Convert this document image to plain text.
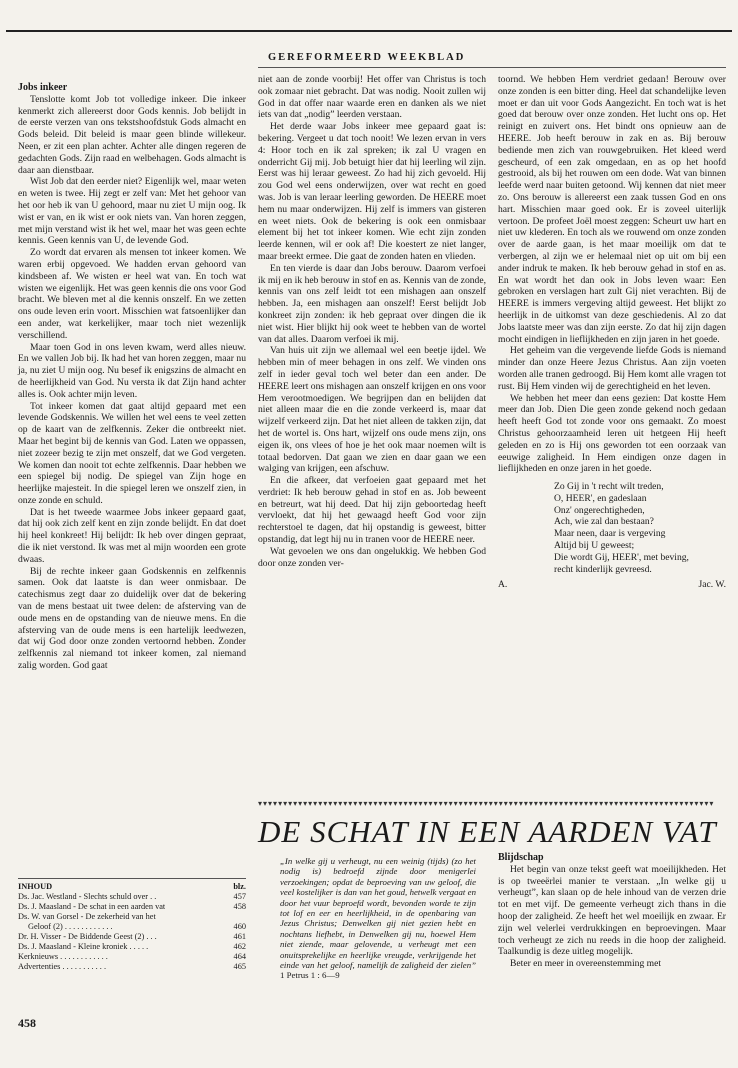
GEREFORMEERD WEEKBLAD
Jobs inkeer

Tenslotte komt Job tot volledige inkeer. Die inkeer kenmerkt zich allereerst door Gods kennis. Job belijdt in de eerste verzen van ons tekstshoofdstuk Gods almacht en Gods beleid. Dit beleid is maar geen blinde willekeur. Neen, er zit een plan achter. Achter alle dingen regeren de gedachten Gods. Zijn raad en welbehagen. Gods almacht is daar aan dienstbaar.

Wist Job dat den eerder niet? Eigenlijk wel, maar weten en weten is twee. Hij zegt er zelf van: Met het gehoor van het oor heb ik van U gehoord, maar nu ziet U mijn oog. Ik wist er van, en ik wist er ook niets van. Van horen zeggen, met mijn verstand wist ik het wel, maar het was geen echte kennis. Geen kennis van U, de levende God.

Zo wordt dat ervaren als mensen tot inkeer komen. We waren erbij opgevoed. We hadden ervan gehoord van kindsbeen af. We wisten er heel wat van. En toch wat wisten we eigenlijk. Het was geen kennis die ons voor God bracht. We bleven met al die kennis onszelf. En we zetten ons oude leven erin voort. Misschien wat fatsoenlijker dan een ander, wat kerkelijker, maar toch niet wezenlijk verschillend.

Maar toen God in ons leven kwam, werd alles nieuw. En we vallen Job bij. Ik had het van horen zeggen, maar nu ja, nu ziet U mijn oog. Nu besef ik enigszins de almacht en de heerlijkheid van God. Nu versta ik dat Zijn hand achter alles is. Ook achter mijn leven.

Tot inkeer komen dat gaat altijd gepaard met een levende Godskennis. We willen het wel eens te veel zetten op de kaart van de zelfkennis. Zeker die ontbreekt niet. Maar het begint bij de kennis van God. Laten we oppassen, niet zozeer bezig te zijn met onszelf, dat we God vergeten. We komen dan nooit tot echte zelfkennis. Daar hebben we een spiegel bij nodig. De spiegel van Zijn hoge en heerlijke majesteit. In die spiegel leren we onszelf zien, in onze zonde en schuld.

Dat is het tweede waarmee Jobs inkeer gepaard gaat, dat hij ook zich zelf kent en zijn zonde belijdt. En dat doet hij heel konkreet! Hij belijdt: Ik heb over dingen gepraat, die ik niet verstond. Ik was met al mijn woorden een grote dwaas.

Bij de rechte inkeer gaan Godskennis en zelfkennis samen. Ook dat laatste is dan weer onmisbaar. De catechismus zegt daar zo duidelijk over dat de bekering van de mens bestaat uit twee delen: de afsterving van de oude mens en de opstanding van de nieuwe mens. En die afsterving van de oude mens is een hartelijk leedwezen, dat wij God door onze zonden vertoornd hebben. Zonder zelfkennis zal niemand tot inkeer komen, zal niemand zalig worden. God gaat

niet aan de zonde voorbij! Het offer van Christus is toch ook zomaar niet gebracht. Dat was nodig. Nooit zullen wij God in dat offer naar waarde eren en danken als we niet iets van dat „nodig” leerden verstaan.

Het derde waar Jobs inkeer mee gepaard gaat is: bekering. Vergeet u dat toch nooit! We lezen ervan in vers 4: Hoor toch en ik zal spreken; ik zal U vragen en onderricht Gij mij. Job betuigt hier dat hij leerling wil zijn. Eerst was hij leraar geweest. Zo had hij zich gevoeld. Hij zou God wel eens onderwijzen, over wat recht en goed was. Job is van leraar leerling geworden. De HEERE moet hem nu maar onderwijzen. Hij zelf is immers van gisteren en weet niets. Ook de bekering is ook een onmisbaar element bij het tot inkeer komen. Wie echt zijn zonden leerde kennen, wil er ook af! Die koestert ze niet langer, maar breekt ermee. Die gaat de zonden haten en vlieden.

En ten vierde is daar dan Jobs berouw. Daarom verfoei ik mij en ik heb berouw in stof en as. Kennis van de zonde, kennis van ons zelf leidt tot een mishagen aan onszelf hebben. Ja, een mishagen aan onszelf! Eerst belijdt Job konkreet zijn zonden: ik heb gepraat over dingen die ik niet wist. Hier blijkt hij ook weet te hebben van de wortel van dat alles. Daarom verfoei ik mij.

Van huis uit zijn we allemaal wel een beetje ijdel. We hebben min of meer behagen in ons zelf. We vinden ons zelf in ieder geval toch wel beter dan een ander. De HEERE leert ons mishagen aan onszelf krijgen en ons voor Hem verootmoedigen. We begrijpen dan en belijden dat niet alleen maar die en die zonde verkeerd is, maar dat wijzelf verkeerd zijn. Dat het niet alleen de takken zijn, dat het de wortel is. Ons hart, wijzelf ons oude mens zijn, ons eigen ik, ons vlees of hoe je het ook maar noemen wilt is totaal bedorven. Dat gaan we zien en daar gaan we een walging van krijgen, een afschuw.

En die afkeer, dat verfoeien gaat gepaard met het verdriet: Ik heb berouw gehad in stof en as. Job beweent en betreurt, wat hij deed. Dat hij zijn geboortedag heeft vervloekt, dat hij het gewaagd heeft God voor zijn rechterstoel te dagen, dat hij opstandig is geweest, bitter opstandig, dat legt hij nu in tranen voor de HEERE neer.

Wat gevoelen we ons dan ongelukkig. We hebben God door onze zonden ver-

toornd. We hebben Hem verdriet gedaan! Berouw over onze zonden is een bitter ding. Heel dat schandelijke leven moet er dan uit voor Gods Aangezicht. En toch wat is het goed dat berouw over onze zonden. Het lucht ons op. Het reinigt en zuivert ons. Het bindt ons opnieuw aan de HEERE. Job heeft berouw in zak en as. Bij berouw bediende men zich van rouwgebruiken. Het kleed werd gescheurd, of een zak omgedaan, en as op het hoofd gestrooid, als bij het rouwen om een dode. Wat van binnen leefde werd naar buiten getoond. Wij kennen dat niet meer zo. Ons berouw is allereerst een zaak tussen God en ons hart. Misschien maar goed ook. Er is zoveel uiterlijk vertoon. De profeet Joël moest zeggen: Scheurt uw hart en niet uw klederen. En toch als we rouwend om onze zonden over de aarde gaan, is het maar moeilijk om dat te verbergen, al zijn we er helemaal niet op uit om bij een ander indruk te maken. Ik heb berouw gehad in stof en as. En wat wordt het dan ook in Jobs leven waar: Een gebroken en verslagen hart zult Gij niet verachten. Bij de HEERE is immers vergeving altijd geweest. Het blijkt zo heerlijk in de uitkomst van deze geschiedenis. Al zo dat Jobs laatste meer was dan zijn eerste. Zo dat hij zijn dagen mocht eindigen in lieflijkheden en zijn jaren in het goede.

Het geheim van die vergevende liefde Gods is niemand minder dan onze Heere Jezus Christus. Aan zijn voeten worden alle tranen gedroogd. Bij Hem komt alle vragen tot rust. Bij Hem vinden wij de gerechtigheid en het leven.

We hebben het meer dan eens gezien: Dat kostte Hem meer dan Job. Dien Die geen zonde gekend noch gedaan heeft heeft God tot zonde voor ons gemaakt. Zo moest Christus gehoorzaamheid leren uit hetgeen Hij heeft geleden en zo is Hij ons geworden tot een oorzaak van eeuwige zaligheid. In Hem eindigen onze dagen in lieflijkheden en onze jaren in het goede.

Zo Gij in 't recht wilt treden,
O, HEER', en gadeslaan
Onz' ongerechtigheden,
Ach, wie zal dan bestaan?
Maar neen, daar is vergeving
Altijd bij U geweest;
Die wordt Gij, HEER', met beving,
recht kinderlijk gevreesd.
A.	Jac. W.
▾▾▾▾▾▾▾▾▾▾▾▾▾▾▾▾▾▾▾▾▾▾▾▾▾▾▾▾▾▾▾▾▾▾▾▾▾▾▾▾▾▾▾▾▾▾▾▾▾▾▾▾▾▾▾▾▾▾▾▾▾▾▾▾▾▾▾▾▾▾▾▾▾▾▾▾▾▾▾▾▾▾▾▾▾▾▾▾▾▾▾
DE SCHAT IN EEN AARDEN VAT
„In welke gij u verheugt, nu een weinig (tijds) (zo het nodig is) bedroefd zijnde door menigerlei verzoekingen; opdat de beproeving van uw geloof, die veel kostelijker is dan van het goud, hetwelk vergaat en door het vuur beproefd wordt, bevonden worde te zijn tot lof en eer en heerlijkheid, in de openbaring van Jezus Christus; Denwelken gij niet gezien hebt en nochtans liefhebt, in Denwelken gij nu, hoewel Hem niet ziende, maar gelovende, u verheugt met een onuitsprekelijke en heerlijke vreugde, verkrijgende het einde van het geloof, namelijk de zaligheid der zielen” 1 Petrus 1 : 6—9
Blijdschap

Het begin van onze tekst geeft wat moeilijkheden. Het is op tweeërlei manier te verstaan. „In welke gij u verheugt”, kan slaan op de hele inhoud van de verzen drie tot en met vijf. De gemeente verheugt zich thans in die hoop der zaligheid. Ze heeft het wel moeilijk en zwaar. Er zijn wel velerlei verdrukkingen en beproevingen. Maar toch verheugt ze zich nu reeds in die hoop der zaligheid. Taalkundig is deze uitleg mogelijk.

Beter en meer in overeenstemming met

INHOUD	blz.
Ds. Jac. Westland - Slechts schuld over . .	457
Ds. J. Maasland - De schat in een aarden vat	458
Ds. W. van Gorsel - De zekerheid van het
Geloof (2) . . . . . . . . . . . .	460
Dr. H. Visser - De Biddende Geest (2) . . .	461
Ds. J. Maasland - Kleine kroniek . . . . .	462
Kerknieuws . . . . . . . . . . . .	464
Advertenties . . . . . . . . . . .	465
458
